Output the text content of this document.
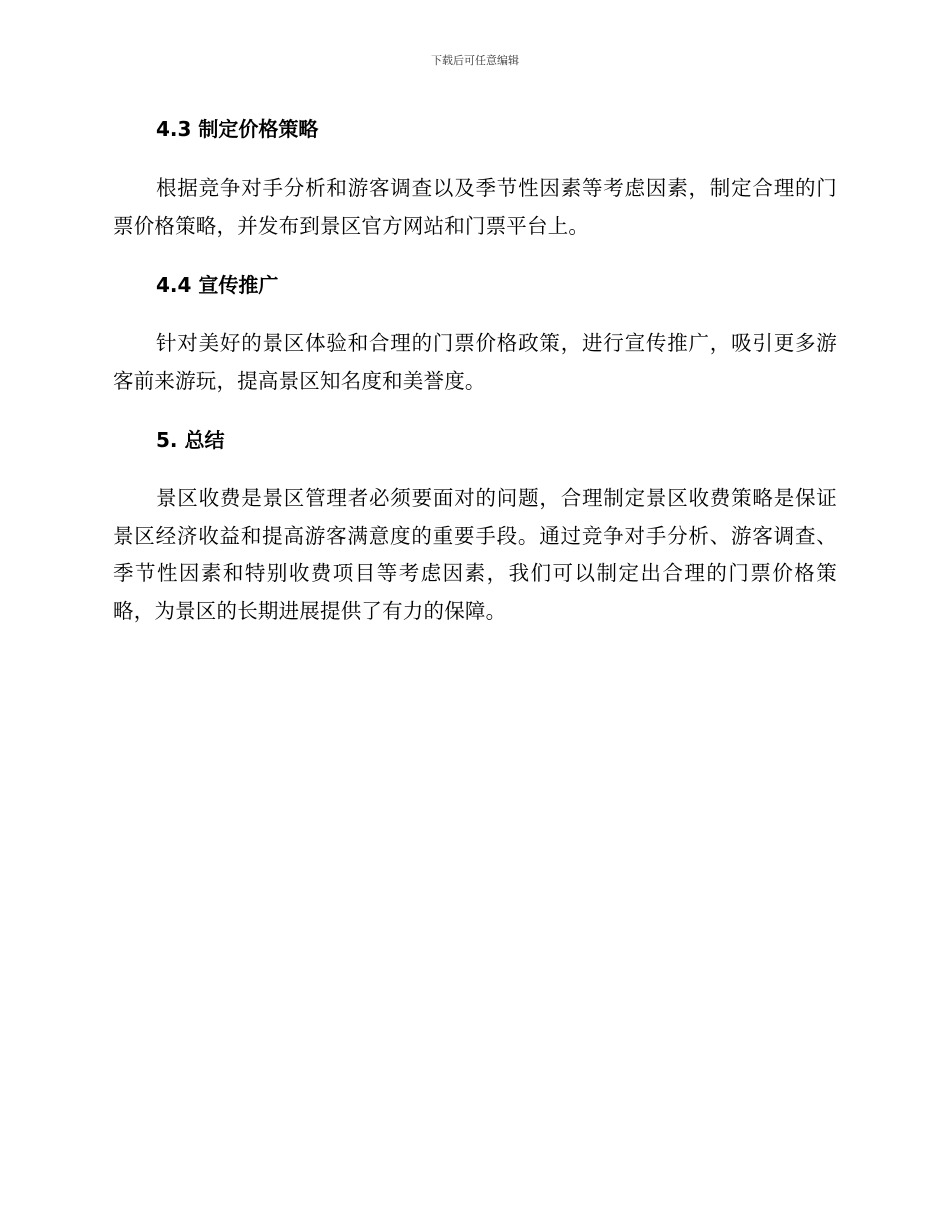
下载后可任意编辑
4.3 制定价格策略

根据竞争对手分析和游客调查以及季节性因素等考虑因素，制定合理的门票价格策略，并发布到景区官方网站和门票平台上。

4.4 宣传推广

针对美好的景区体验和合理的门票价格政策，进行宣传推广，吸引更多游客前来游玩，提高景区知名度和美誉度。

5. 总结

景区收费是景区管理者必须要面对的问题，合理制定景区收费策略是保证景区经济收益和提高游客满意度的重要手段。通过竞争对手分析、游客调查、季节性因素和特别收费项目等考虑因素，我们可以制定出合理的门票价格策略，为景区的长期进展提供了有力的保障。
